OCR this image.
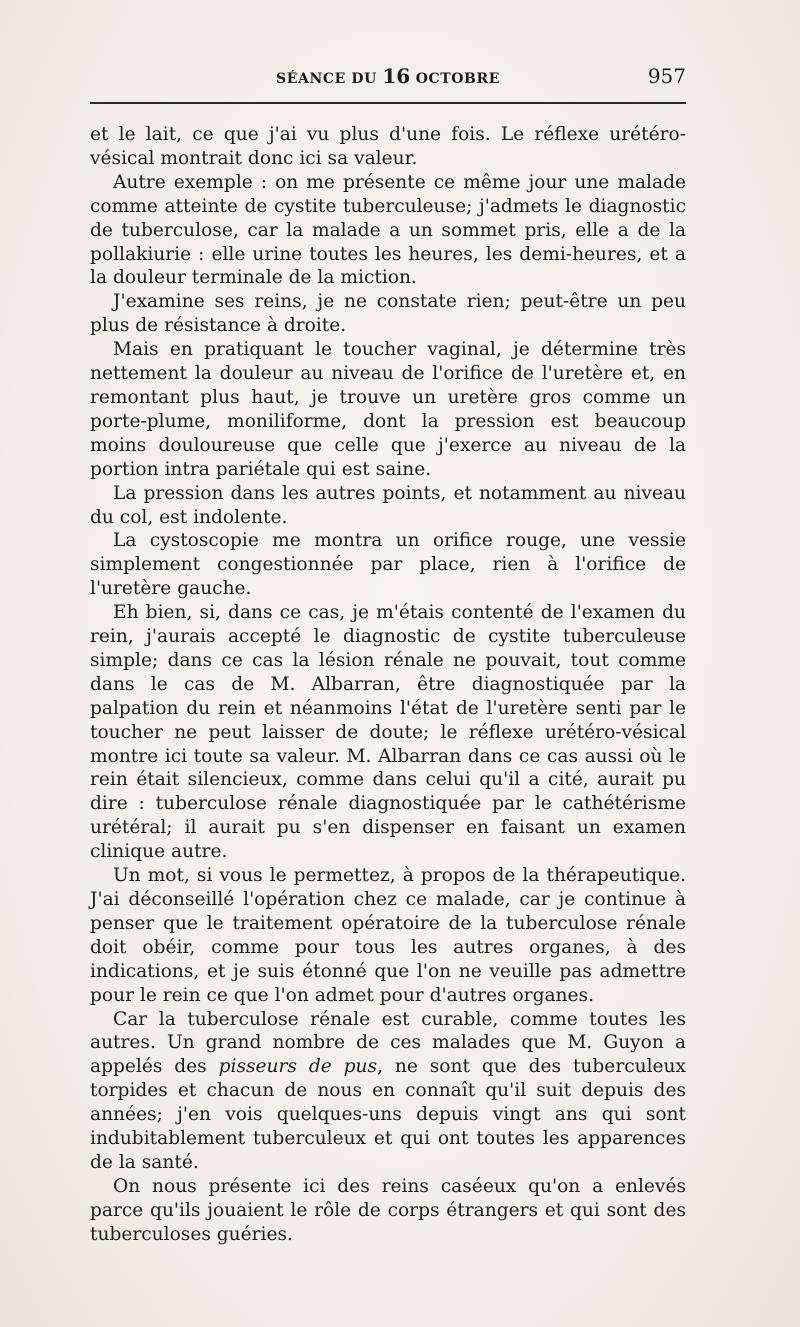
SÉANCE DU 16 OCTOBRE	957

et le lait, ce que j'ai vu plus d'une fois. Le réflexe urétéro-vésical montrait donc ici sa valeur.

Autre exemple : on me présente ce même jour une malade comme atteinte de cystite tuberculeuse; j'admets le diagnostic de tuberculose, car la malade a un sommet pris, elle a de la pollakiurie : elle urine toutes les heures, les demi-heures, et a la douleur terminale de la miction.

J'examine ses reins, je ne constate rien; peut-être un peu plus de résistance à droite.

Mais en pratiquant le toucher vaginal, je détermine très nettement la douleur au niveau de l'orifice de l'uretère et, en remontant plus haut, je trouve un uretère gros comme un porte-plume, moniliforme, dont la pression est beaucoup moins douloureuse que celle que j'exerce au niveau de la portion intra pariétale qui est saine.

La pression dans les autres points, et notamment au niveau du col, est indolente.

La cystoscopie me montra un orifice rouge, une vessie simplement congestionnée par place, rien à l'orifice de l'uretère gauche.

Eh bien, si, dans ce cas, je m'étais contenté de l'examen du rein, j'aurais accepté le diagnostic de cystite tuberculeuse simple; dans ce cas la lésion rénale ne pouvait, tout comme dans le cas de M. Albarran, être diagnostiquée par la palpation du rein et néanmoins l'état de l'uretère senti par le toucher ne peut laisser de doute; le réflexe urétéro-vésical montre ici toute sa valeur. M. Albarran dans ce cas aussi où le rein était silencieux, comme dans celui qu'il a cité, aurait pu dire : tuberculose rénale diagnostiquée par le cathétérisme urétéral; il aurait pu s'en dispenser en faisant un examen clinique autre.

Un mot, si vous le permettez, à propos de la thérapeutique. J'ai déconseillé l'opération chez ce malade, car je continue à penser que le traitement opératoire de la tuberculose rénale doit obéir, comme pour tous les autres organes, à des indications, et je suis étonné que l'on ne veuille pas admettre pour le rein ce que l'on admet pour d'autres organes.

Car la tuberculose rénale est curable, comme toutes les autres. Un grand nombre de ces malades que M. Guyon a appelés des pisseurs de pus, ne sont que des tuberculeux torpides et chacun de nous en connaît qu'il suit depuis des années; j'en vois quelques-uns depuis vingt ans qui sont indubitablement tuberculeux et qui ont toutes les apparences de la santé.

On nous présente ici des reins caséeux qu'on a enlevés parce qu'ils jouaient le rôle de corps étrangers et qui sont des tuberculoses guéries.
